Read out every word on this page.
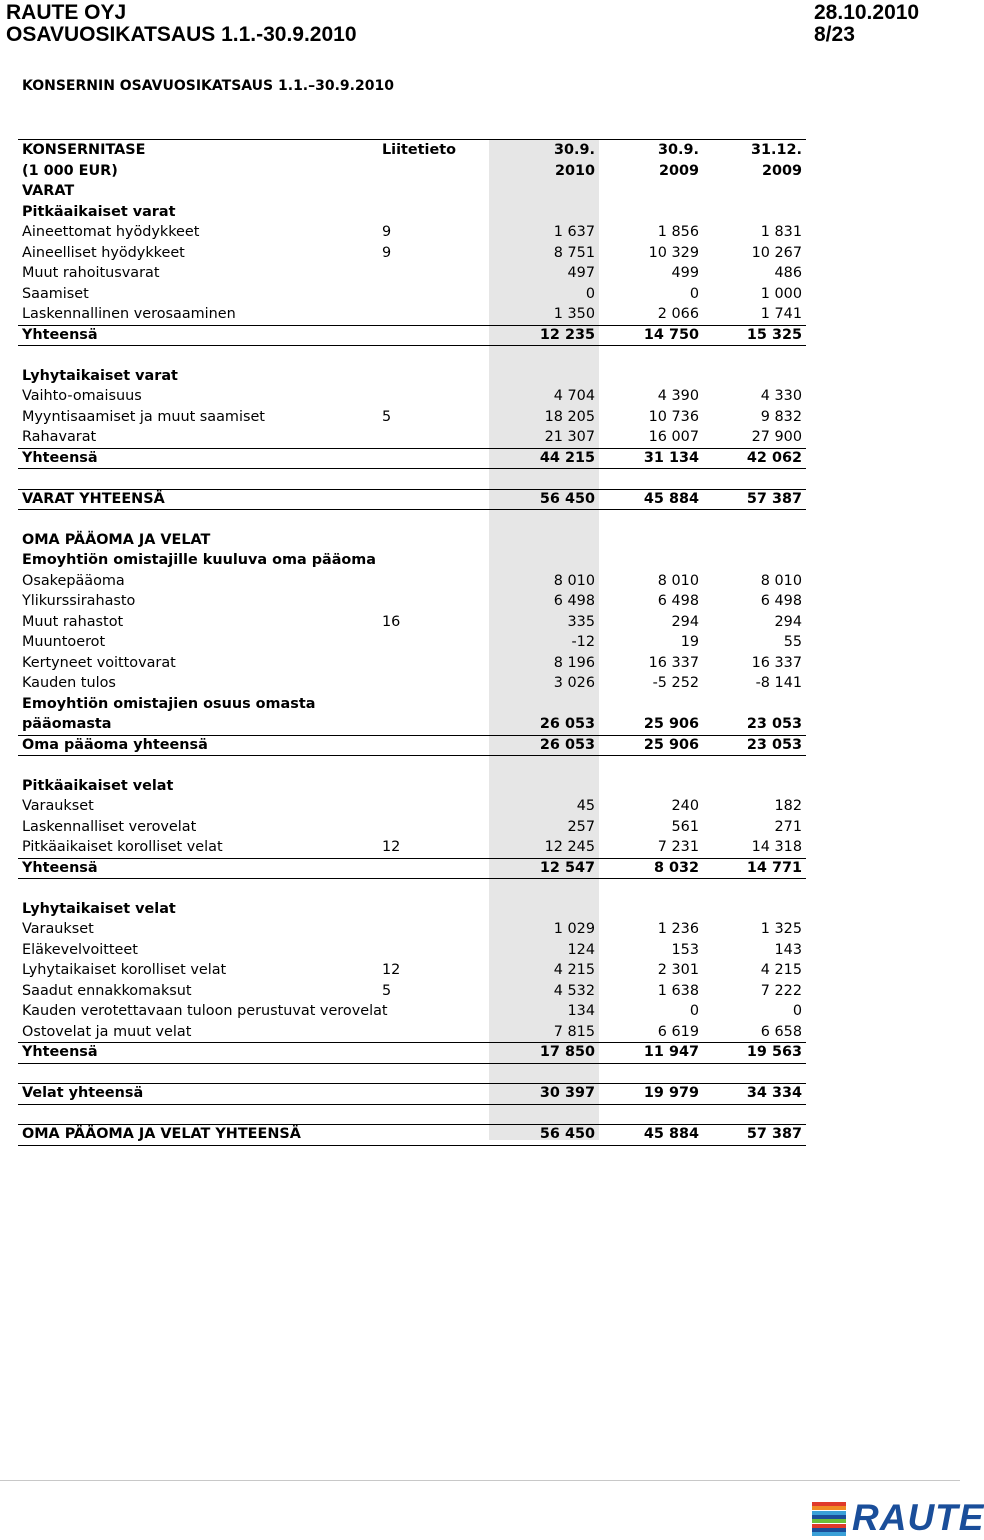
RAUTE OYJ
OSAVUOSIKATSAUS 1.1.-30.9.2010
28.10.2010
8/23
KONSERNIN OSAVUOSIKATSAUS 1.1.–30.9.2010
KONSERNITASE	Liitetieto	30.9.	30.9.	31.12.
(1 000 EUR)	2010	2009	2009
VARAT
Pitkäaikaiset varat
Aineettomat hyödykkeet	9	1 637	1 856	1 831
Aineelliset hyödykkeet	9	8 751	10 329	10 267
Muut rahoitusvarat	497	499	486
Saamiset	0	0	1 000
Laskennallinen verosaaminen	1 350	2 066	1 741
Yhteensä	12 235	14 750	15 325
Lyhytaikaiset varat
Vaihto-omaisuus	4 704	4 390	4 330
Myyntisaamiset ja muut saamiset	5	18 205	10 736	9 832
Rahavarat	21 307	16 007	27 900
Yhteensä	44 215	31 134	42 062
VARAT YHTEENSÄ	56 450	45 884	57 387
OMA PÄÄOMA JA VELAT
Emoyhtiön omistajille kuuluva oma pääoma
Osakepääoma	8 010	8 010	8 010
Ylikurssirahasto	6 498	6 498	6 498
Muut rahastot	16	335	294	294
Muuntoerot	-12	19	55
Kertyneet voittovarat	8 196	16 337	16 337
Kauden tulos	3 026	-5 252	-8 141
Emoyhtiön omistajien osuus omasta
pääomasta	26 053	25 906	23 053
Oma pääoma yhteensä	26 053	25 906	23 053
Pitkäaikaiset velat
Varaukset	45	240	182
Laskennalliset verovelat	257	561	271
Pitkäaikaiset korolliset velat	12	12 245	7 231	14 318
Yhteensä	12 547	8 032	14 771
Lyhytaikaiset velat
Varaukset	1 029	1 236	1 325
Eläkevelvoitteet	124	153	143
Lyhytaikaiset korolliset velat	12	4 215	2 301	4 215
Saadut ennakkomaksut	5	4 532	1 638	7 222
Kauden verotettavaan tuloon perustuvat verovelat	134	0	0
Ostovelat ja muut velat	7 815	6 619	6 658
Yhteensä	17 850	11 947	19 563
Velat yhteensä	30 397	19 979	34 334
OMA PÄÄOMA JA VELAT YHTEENSÄ	56 450	45 884	57 387
RAUTE
